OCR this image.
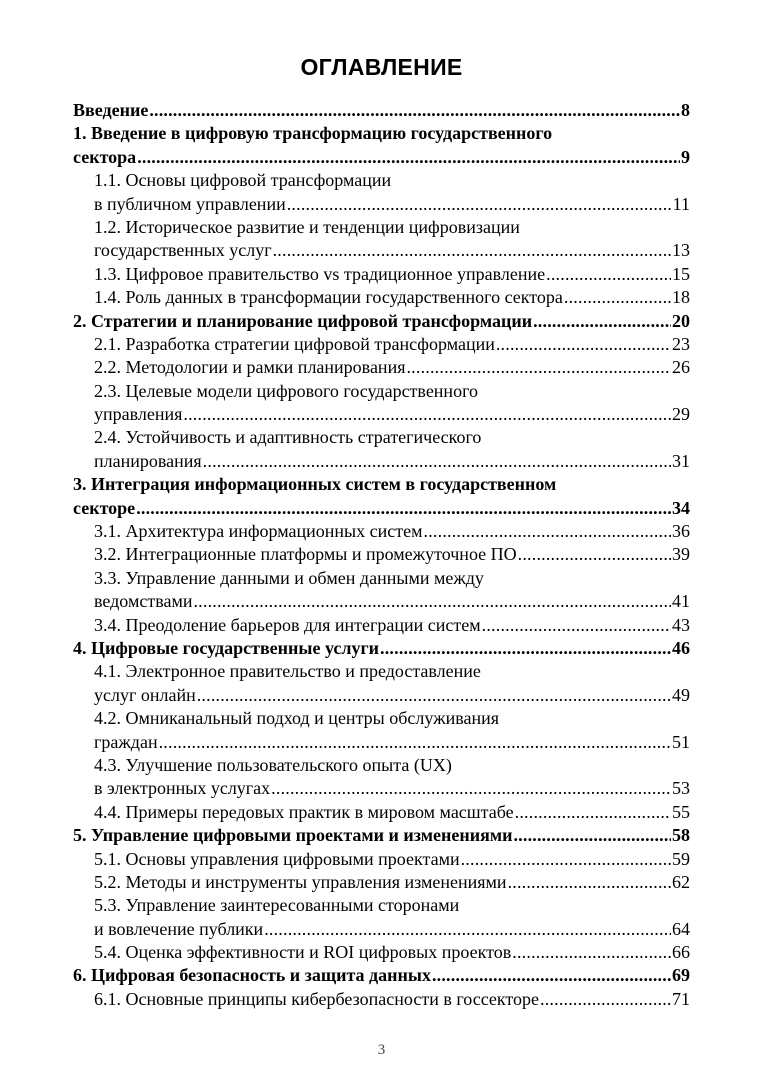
ОГЛАВЛЕНИЕ
Введение .....	8
1. Введение в цифровую трансформацию государственного
сектора .....	9
1.1. Основы цифровой трансформации
в публичном управлении .....	11
1.2. Историческое развитие и тенденции цифровизации
государственных услуг .....	13
1.3. Цифровое правительство vs традиционное управление .....	15
1.4. Роль данных в трансформации государственного сектора .....	18
2. Стратегии и планирование цифровой трансформации .....	20
2.1. Разработка стратегии цифровой трансформации .....	23
2.2. Методологии и рамки планирования .....	26
2.3. Целевые модели цифрового государственного
управления .....	29
2.4. Устойчивость и адаптивность стратегического
планирования .....	31
3. Интеграция информационных систем в государственном
секторе .....	34
3.1. Архитектура информационных систем .....	36
3.2. Интеграционные платформы и промежуточное ПО .....	39
3.3. Управление данными и обмен данными между
ведомствами .....	41
3.4. Преодоление барьеров для интеграции систем .....	43
4. Цифровые государственные услуги .....	46
4.1. Электронное правительство и предоставление
услуг онлайн .....	49
4.2. Омниканальный подход и центры обслуживания
граждан .....	51
4.3. Улучшение пользовательского опыта (UX)
в электронных услугах .....	53
4.4. Примеры передовых практик в мировом масштабе .....	55
5. Управление цифровыми проектами и изменениями .....	58
5.1. Основы управления цифровыми проектами .....	59
5.2. Методы и инструменты управления изменениями .....	62
5.3. Управление заинтересованными сторонами
и вовлечение публики .....	64
5.4. Оценка эффективности и ROI цифровых проектов .....	66
6. Цифровая безопасность и защита данных .....	69
6.1. Основные принципы кибербезопасности в госсекторе .....	71
3
